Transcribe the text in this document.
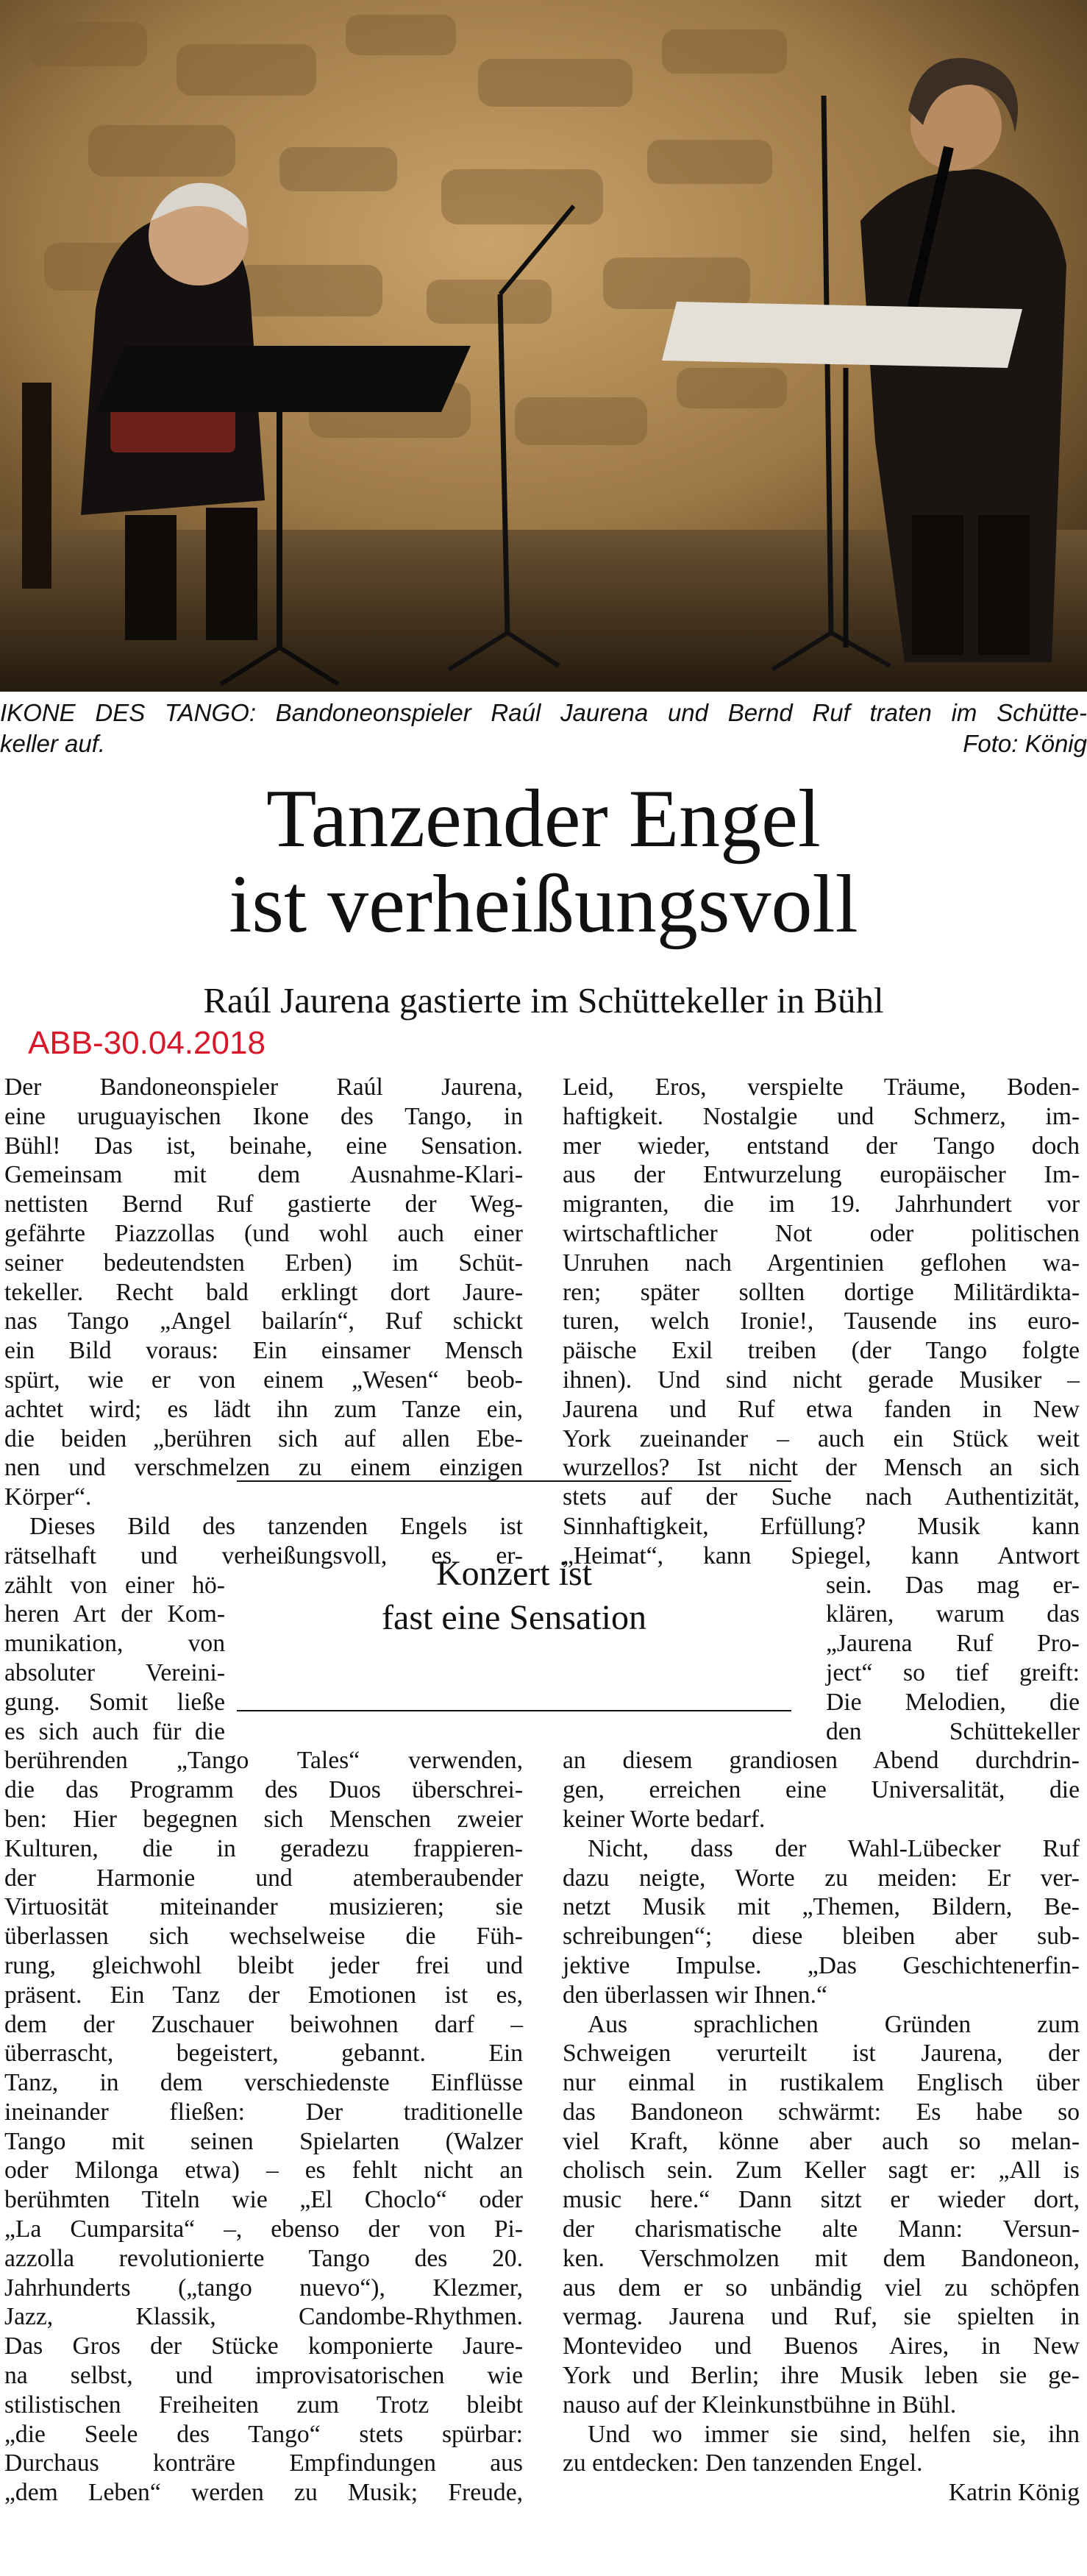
IKONE DES TANGO: Bandoneonspieler Raúl Jaurena und Bernd Ruf traten im Schütte-
keller auf.	Foto: König
Tanzender Engel
ist verheißungsvoll
Raúl Jaurena gastierte im Schüttekeller in Bühl
ABB-30.04.2018
Der Bandoneonspieler Raúl Jaurena,
eine uruguayischen Ikone des Tango, in
Bühl! Das ist, beinahe, eine Sensation.
Gemeinsam mit dem Ausnahme-Klari-
nettisten Bernd Ruf gastierte der Weg-
gefährte Piazzollas (und wohl auch einer
seiner bedeutendsten Erben) im Schüt-
tekeller. Recht bald erklingt dort Jaure-
nas Tango „Angel bailarín“, Ruf schickt
ein Bild voraus: Ein einsamer Mensch
spürt, wie er von einem „Wesen“ beob-
achtet wird; es lädt ihn zum Tanze ein,
die beiden „berühren sich auf allen Ebe-
nen und verschmelzen zu einem einzigen
Körper“.
Dieses Bild des tanzenden Engels ist
rätselhaft und verheißungsvoll, es er-
zählt von einer hö-
heren Art der Kom-
munikation, von
absoluter Vereini-
gung. Somit ließe
es sich auch für die
berührenden „Tango Tales“ verwenden,
die das Programm des Duos überschrei-
ben: Hier begegnen sich Menschen zweier
Kulturen, die in geradezu frappieren-
der Harmonie und atemberaubender
Virtuosität miteinander musizieren; sie
überlassen sich wechselweise die Füh-
rung, gleichwohl bleibt jeder frei und
präsent. Ein Tanz der Emotionen ist es,
dem der Zuschauer beiwohnen darf –
überrascht, begeistert, gebannt. Ein
Tanz, in dem verschiedenste Einflüsse
ineinander fließen: Der traditionelle
Tango mit seinen Spielarten (Walzer
oder Milonga etwa) – es fehlt nicht an
berühmten Titeln wie „El Choclo“ oder
„La Cumparsita“ –, ebenso der von Pi-
azzolla revolutionierte Tango des 20.
Jahrhunderts („tango nuevo“), Klezmer,
Jazz, Klassik, Candombe-Rhythmen.
Das Gros der Stücke komponierte Jaure-
na selbst, und improvisatorischen wie
stilistischen Freiheiten zum Trotz bleibt
„die Seele des Tango“ stets spürbar:
Durchaus konträre Empfindungen aus
„dem Leben“ werden zu Musik; Freude,
Konzert ist
fast eine Sensation
Leid, Eros, verspielte Träume, Boden-
haftigkeit. Nostalgie und Schmerz, im-
mer wieder, entstand der Tango doch
aus der Entwurzelung europäischer Im-
migranten, die im 19. Jahrhundert vor
wirtschaftlicher Not oder politischen
Unruhen nach Argentinien geflohen wa-
ren; später sollten dortige Militärdikta-
turen, welch Ironie!, Tausende ins euro-
päische Exil treiben (der Tango folgte
ihnen). Und sind nicht gerade Musiker –
Jaurena und Ruf etwa fanden in New
York zueinander – auch ein Stück weit
wurzellos? Ist nicht der Mensch an sich
stets auf der Suche nach Authentizität,
Sinnhaftigkeit, Erfüllung? Musik kann
„Heimat“, kann Spiegel, kann Antwort
sein. Das mag er-
klären, warum das
„Jaurena Ruf Pro-
ject“ so tief greift:
Die Melodien, die
den Schüttekeller
an diesem grandiosen Abend durchdrin-
gen, erreichen eine Universalität, die
keiner Worte bedarf.
Nicht, dass der Wahl-Lübecker Ruf
dazu neigte, Worte zu meiden: Er ver-
netzt Musik mit „Themen, Bildern, Be-
schreibungen“; diese bleiben aber sub-
jektive Impulse. „Das Geschichtenerfin-
den überlassen wir Ihnen.“
Aus sprachlichen Gründen zum
Schweigen verurteilt ist Jaurena, der
nur einmal in rustikalem Englisch über
das Bandoneon schwärmt: Es habe so
viel Kraft, könne aber auch so melan-
cholisch sein. Zum Keller sagt er: „All is
music here.“ Dann sitzt er wieder dort,
der charismatische alte Mann: Versun-
ken. Verschmolzen mit dem Bandoneon,
aus dem er so unbändig viel zu schöpfen
vermag. Jaurena und Ruf, sie spielten in
Montevideo und Buenos Aires, in New
York und Berlin; ihre Musik leben sie ge-
nauso auf der Kleinkunstbühne in Bühl.
Und wo immer sie sind, helfen sie, ihn
zu entdecken: Den tanzenden Engel.
Katrin König
